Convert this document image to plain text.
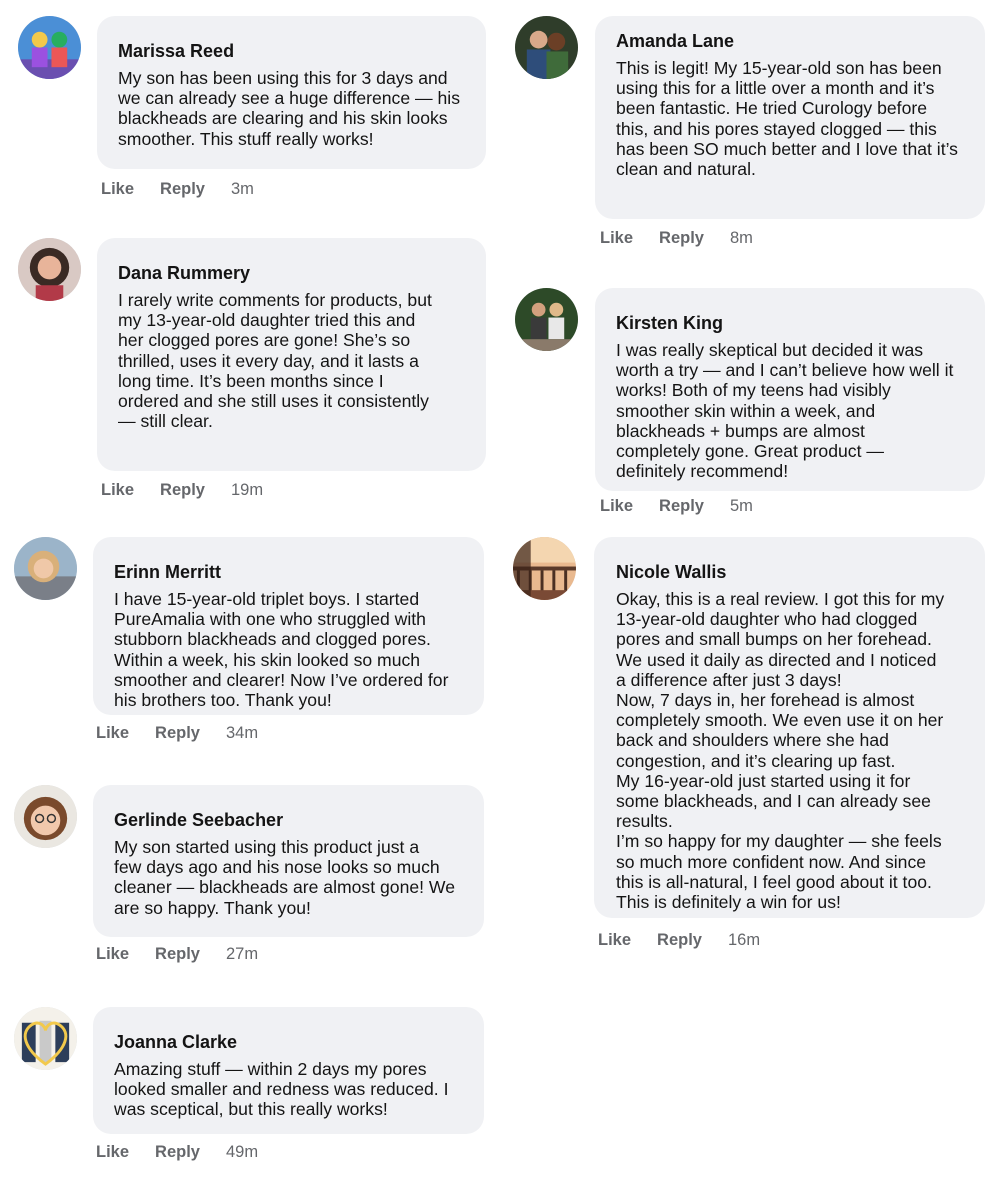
Marissa Reed
My son has been using this for 3 days and
we can already see a huge difference — his
blackheads are clearing and his skin looks
smoother. This stuff really works!
Like Reply 3m
Dana Rummery
I rarely write comments for products, but
my 13-year-old daughter tried this and
her clogged pores are gone! She’s so
thrilled, uses it every day, and it lasts a
long time. It’s been months since I
ordered and she still uses it consistently
— still clear.
Like Reply 19m
Erinn Merritt
I have 15-year-old triplet boys. I started
PureAmalia with one who struggled with
stubborn blackheads and clogged pores.
Within a week, his skin looked so much
smoother and clearer! Now I’ve ordered for
his brothers too. Thank you!
Like Reply 34m
Gerlinde Seebacher
My son started using this product just a
few days ago and his nose looks so much
cleaner — blackheads are almost gone! We
are so happy. Thank you!
Like Reply 27m
Joanna Clarke
Amazing stuff — within 2 days my pores
looked smaller and redness was reduced. I
was sceptical, but this really works!
Like Reply 49m
Amanda Lane
This is legit! My 15-year-old son has been
using this for a little over a month and it’s
been fantastic. He tried Curology before
this, and his pores stayed clogged — this
has been SO much better and I love that it’s
clean and natural.
Like Reply 8m
Kirsten King
I was really skeptical but decided it was
worth a try — and I can’t believe how well it
works! Both of my teens had visibly
smoother skin within a week, and
blackheads + bumps are almost
completely gone. Great product —
definitely recommend!
Like Reply 5m
Nicole Wallis
Okay, this is a real review. I got this for my
13-year-old daughter who had clogged
pores and small bumps on her forehead.
We used it daily as directed and I noticed
a difference after just 3 days!
Now, 7 days in, her forehead is almost
completely smooth. We even use it on her
back and shoulders where she had
congestion, and it’s clearing up fast.
My 16-year-old just started using it for
some blackheads, and I can already see
results.
I’m so happy for my daughter — she feels
so much more confident now. And since
this is all-natural, I feel good about it too.
This is definitely a win for us!
Like Reply 16m
